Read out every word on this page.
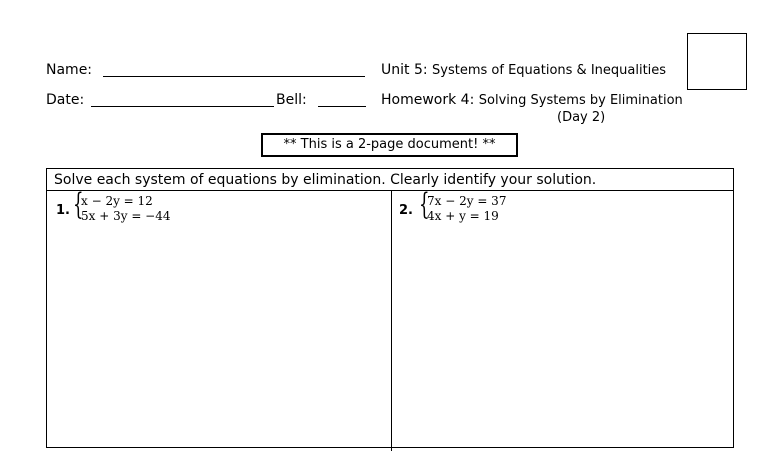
Name:
Date:	Bell:
Unit 5: Systems of Equations & Inequalities
Homework 4: Solving Systems by Elimination
(Day 2)
** This is a 2-page document! **
Solve each system of equations by elimination. Clearly identify your solution.
1. {
x − 2y = 12
5x + 3y = −44	2. {
7x − 2y = 37
4x + y = 19
